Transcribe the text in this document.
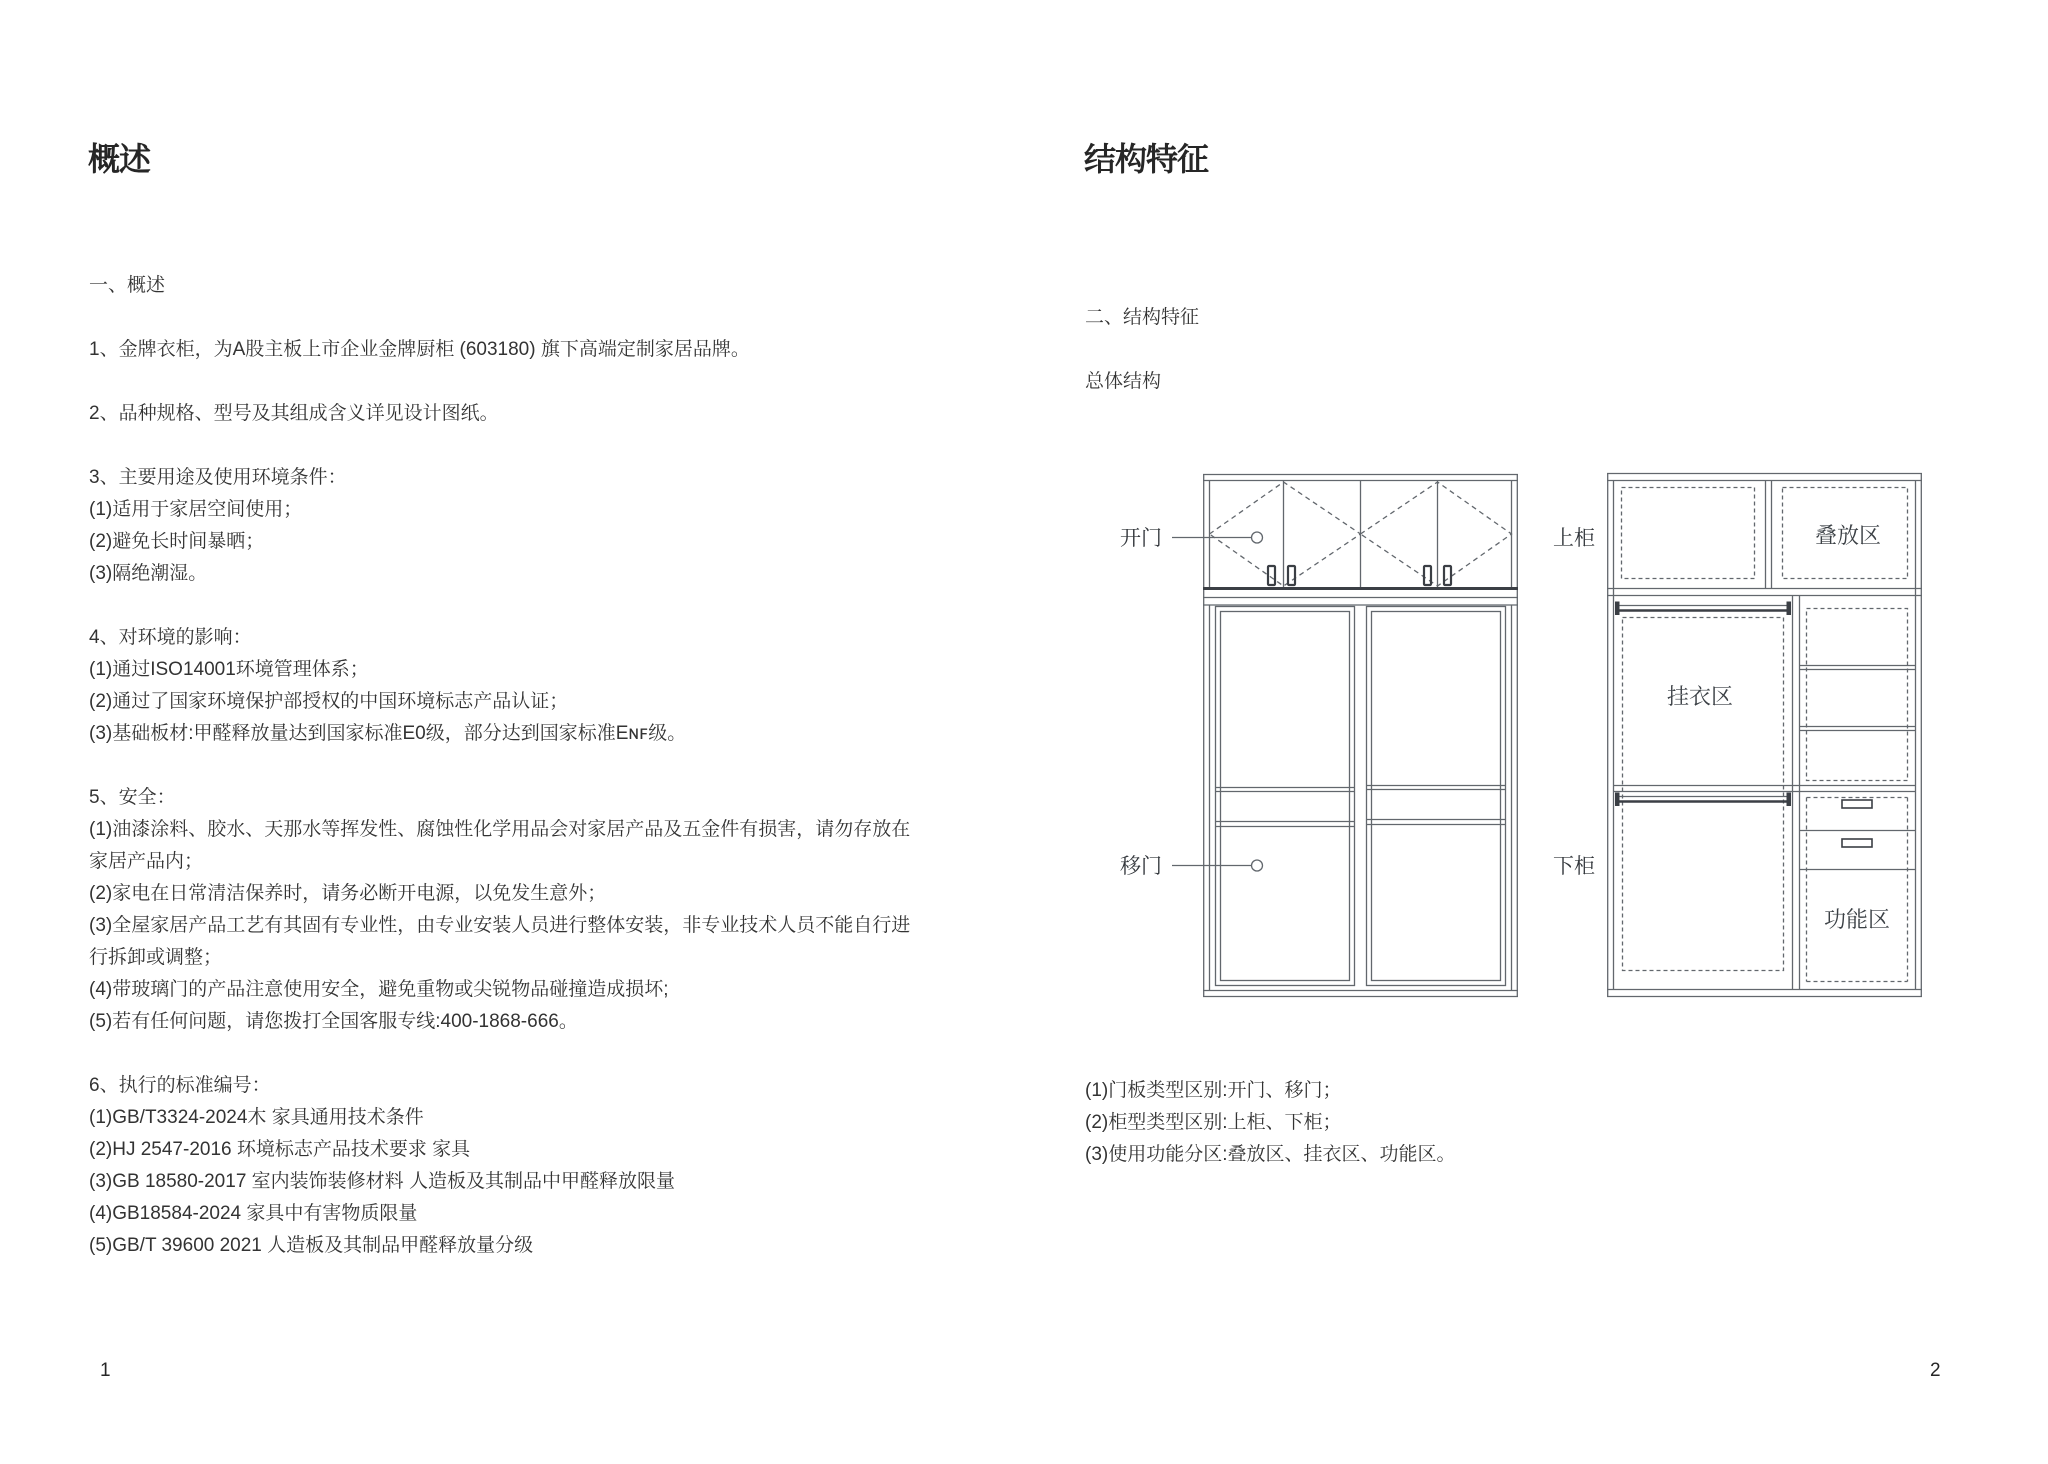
概述
一、概述
1、金牌衣柜，为A股主板上市企业金牌厨柜 (603180) 旗下高端定制家居品牌。
2、品种规格、型号及其组成含义详见设计图纸。
3、主要用途及使用环境条件：
(1)适用于家居空间使用；
(2)避免长时间暴晒；
(3)隔绝潮湿。
4、对环境的影响：
(1)通过ISO14001环境管理体系；
(2)通过了国家环境保护部授权的中国环境标志产品认证；
(3)基础板材:甲醛释放量达到国家标准E0级，部分达到国家标准Eɴꜰ级。
5、安全：
(1)油漆涂料、胶水、天那水等挥发性、腐蚀性化学用品会对家居产品及五金件有损害，请勿存放在
家居产品内；
(2)家电在日常清洁保养时，请务必断开电源，以免发生意外；
(3)全屋家居产品工艺有其固有专业性，由专业安装人员进行整体安装，非专业技术人员不能自行进
行拆卸或调整；
(4)带玻璃门的产品注意使用安全，避免重物或尖锐物品碰撞造成损坏;
(5)若有任何问题，请您拨打全国客服专线:400-1868-666。
6、执行的标准编号：
(1)GB/T3324-2024木 家具通用技术条件
(2)HJ 2547-2016 环境标志产品技术要求 家具
(3)GB 18580-2017 室内装饰装修材料 人造板及其制品中甲醛释放限量
(4)GB18584-2024 家具中有害物质限量
(5)GB/T 39600 2021 人造板及其制品甲醛释放量分级
1
结构特征
二、结构特征
总体结构
开门
移门
上柜
下柜
叠放区
挂衣区
功能区
(1)门板类型区别:开门、移门；
(2)柜型类型区别:上柜、下柜；
(3)使用功能分区:叠放区、挂衣区、功能区。
2
